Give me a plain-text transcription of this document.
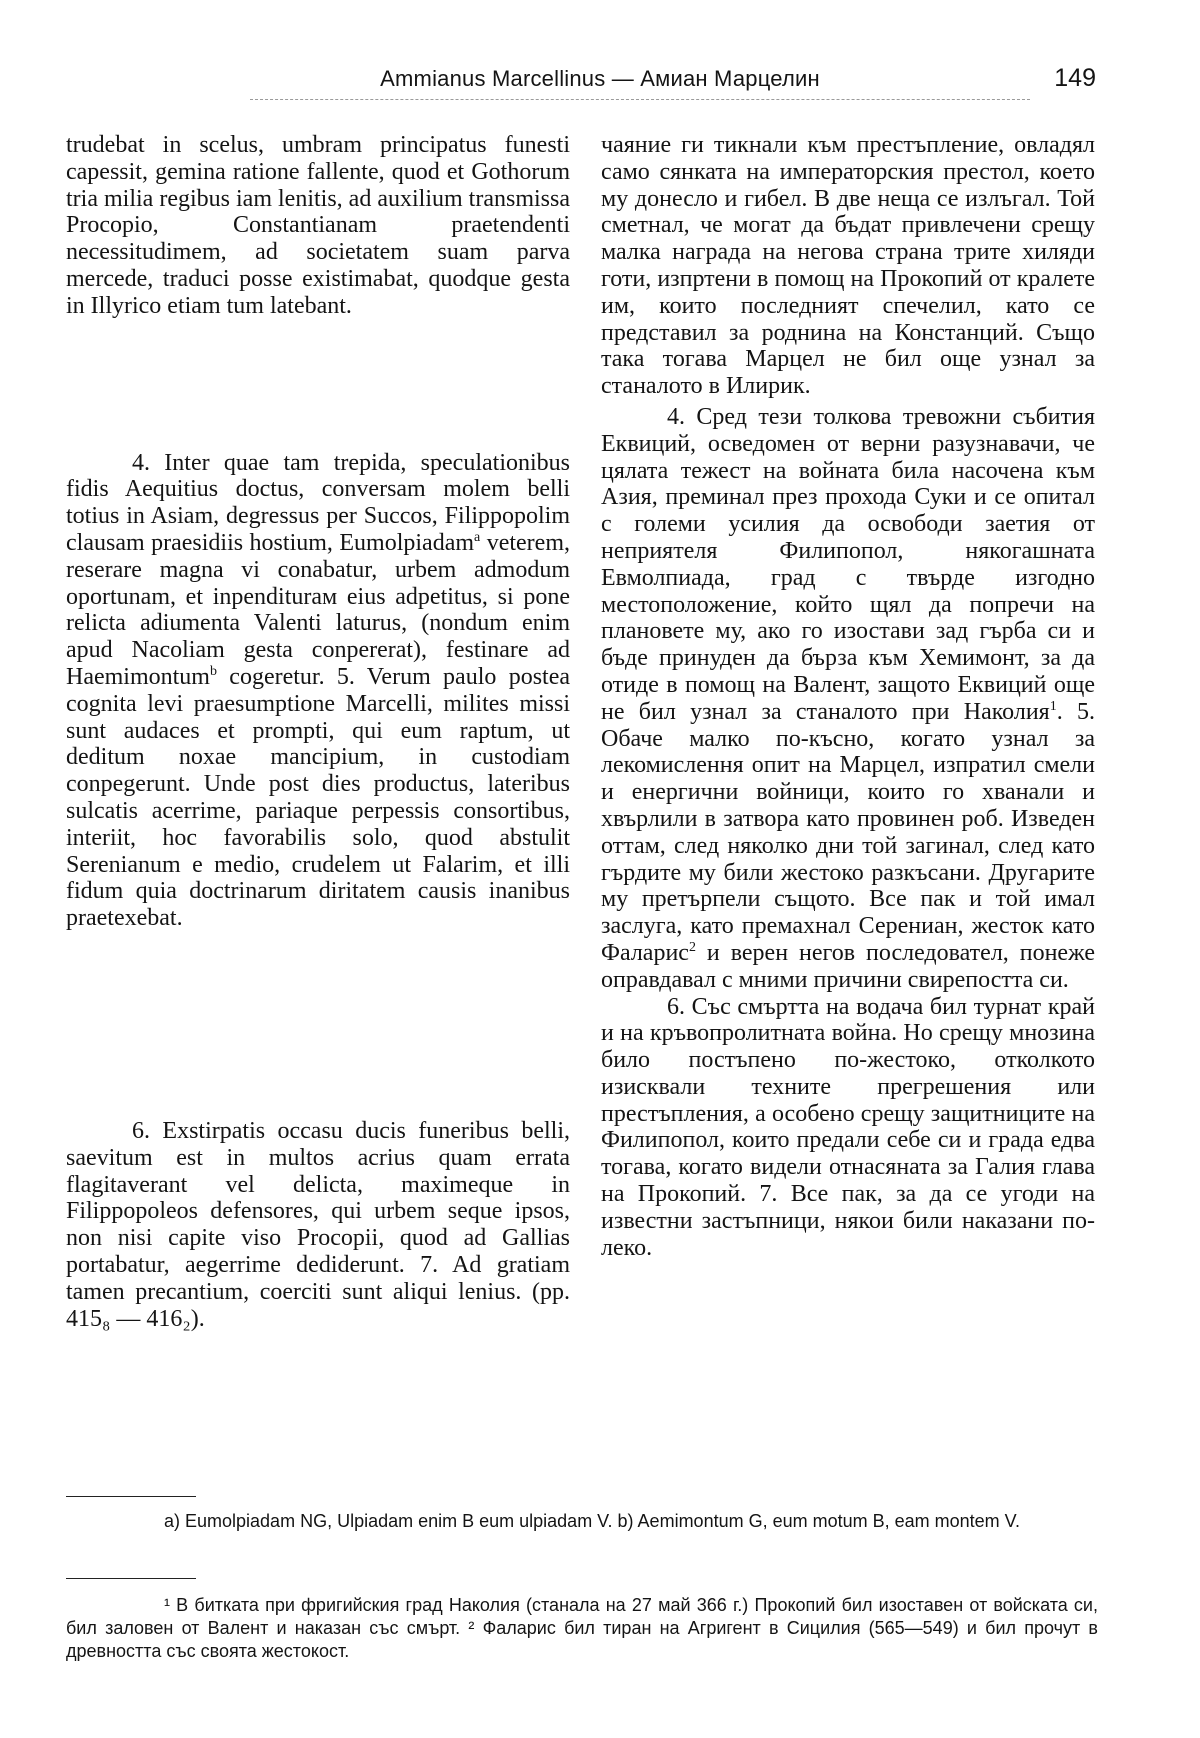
Ammianus Marcellinus — Амиан Марцелин	149

trudebat in scelus, umbram principatus funesti capessit, gemina ratione fallente, quod et Gothorum tria milia regibus iam lenitis, ad auxilium transmissa Procopio, Constantianam praetendenti necessitudimem, ad societatem suam parva mercede, traduci posse existimabat, quodque gesta in Illyrico etiam tum latebant.

4. Inter quae tam trepida, speculationibus fidis Aequitius doctus, conversam molem belli totius in Asiam, degressus per Succos, Filippopolim clausam praesidiis hostium, Eumolpiadam$^a$ veterem, reserare magna vi conabatur, urbem admodum oportunam, et inpenditurам eius adpetitus, si pone relicta adiumenta Valenti laturus, (nondum enim apud Nacoliam gesta conpererat), festinare ad Haemimontum$^b$ cogeretur. 5. Verum paulo postea cognita levi praesumptione Marcelli, milites missi sunt audaces et prompti, qui eum raptum, ut deditum noxae mancipium, in custodiam conpegerunt. Unde post dies productus, lateribus sulcatis acerrime, pariaque perpessis consortibus, interiit, hoc favorabilis solo, quod abstulit Serenianum e medio, crudelem ut Falarim, et illi fidum quia doctrinarum diritatem causis inanibus praetexebat.

6. Exstirpatis occasu ducis funeribus belli, saevitum est in multos acrius quam errata flagitaverant vel delicta, maximeque in Filippopoleos defensores, qui urbem seque ipsos, non nisi capite viso Procopii, quod ad Gallias portabatur, aegerrime dediderunt. 7. Ad gratiam tamen precantium, coerciti sunt aliqui lenius. (pp. 415₈ — 416₂).

чаяние ги тикнали към престъпление, овладял само сянката на императорския престол, което му донесло и гибел. В две неща се излъгал. Той сметнал, че могат да бъдат привлечени срещу малка награда на негова страна трите хиляди готи, изпртени в помощ на Прокопий от кралете им, които последният спечелил, като се представил за роднина на Констанций. Също така тогава Марцел не бил още узнал за станалото в Илирик.

4. Сред тези толкова тревожни събития Еквиций, осведомен от верни разузнавачи, че цялата тежест на войната била насочена към Азия, преминал през прохода Суки и се опитал с големи усилия да освободи заетия от неприятеля Филипопол, някогашната Евмолпиада, град с твърде изгодно местоположение, който щял да попречи на плановете му, ако го изостави зад гърба си и бъде принуден да бърза към Хемимонт, за да отиде в помощ на Валент, защото Еквиций още не бил узнал за станалото при Наколия$^1$. 5. Обаче малко по-късно, когато узнал за лекомислення опит на Марцел, изпратил смели и енергични войници, които го хванали и хвърлили в затвора като провинен роб. Изведен оттам, след няколко дни той загинал, след като гърдите му били жестоко разкъсани. Другарите му претърпели същото. Все пак и той имал заслуга, като премахнал Серениан, жесток като Фаларис$^2$ и верен негов последовател, понеже оправдавал с мними причини свирепостта си.

6. Със смъртта на водача бил турнат край и на кръвопролитната война. Но срещу мнозина било постъпено по-жестоко, отколкото изисквали техните прегрешения или престъпления, а особено срещу защитниците на Филипопол, които предали себе си и града едва тогава, когато видели отнасяната за Галия глава на Прокопий. 7. Все пак, за да се угоди на известни застъпници, някои били наказани по-леко.

a) Eumolpiadam NG, Ulpiadam enim B eum ulpiadam V. b) Aemimontum G, eum motum B, eam montem V.

¹ В битката при фригийския град Наколия (станала на 27 май 366 г.) Прокопий бил изоставен от войската си, бил заловен от Валент и наказан със смърт. ² Фаларис бил тиран на Агригент в Сицилия (565—549) и бил прочут в древността със своята жестокост.
